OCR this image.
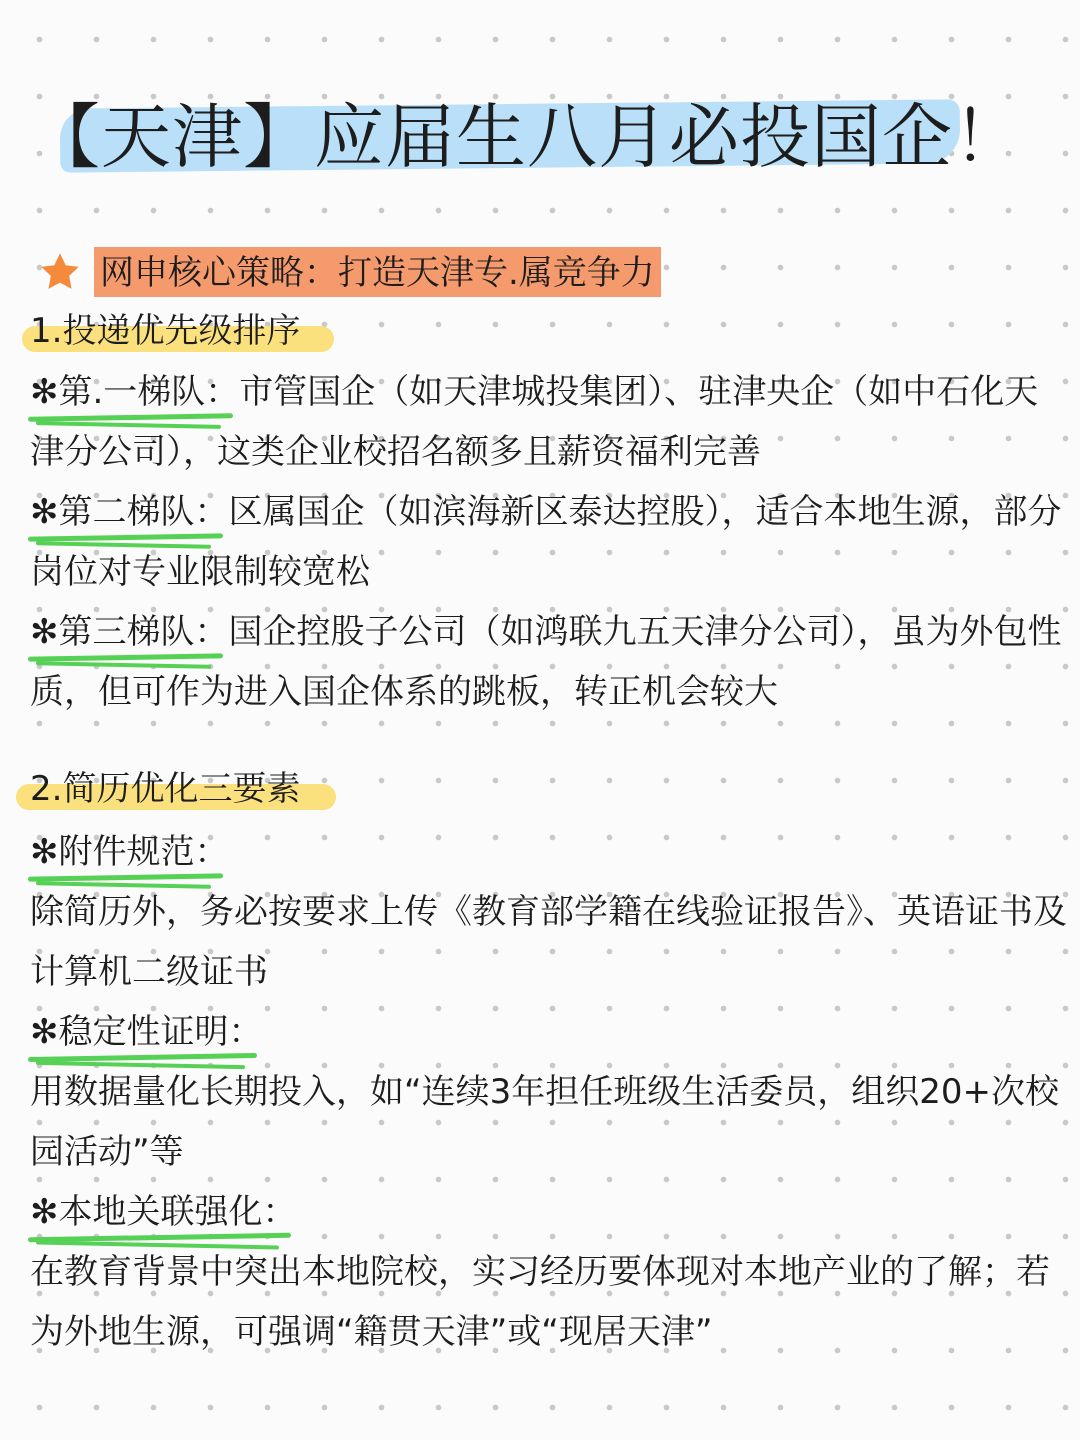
【天津】应届生八月必投国企！
网申核心策略：打造天津专.属竞争力
1.投递优先级排序
✻第.一梯队：市管国企（如天津城投集团）、驻津央企（如中石化天津分公司），这类企业校招名额多且薪资福利完善
✻第二梯队：区属国企（如滨海新区泰达控股），适合本地生源，部分岗位对专业限制较宽松
✻第三梯队：国企控股子公司（如鸿联九五天津分公司），虽为外包性质，但可作为进入国企体系的跳板，转正机会较大
2.简历优化三要素
✻附件规范：
除简历外，务必按要求上传《教育部学籍在线验证报告》、英语证书及计算机二级证书
✻稳定性证明：
用数据量化长期投入，如“连续3年担任班级生活委员，组织20+次校园活动”等
✻本地关联强化：
在教育背景中突出本地院校，实习经历要体现对本地产业的了解；若为外地生源，可强调“籍贯天津”或“现居天津”
